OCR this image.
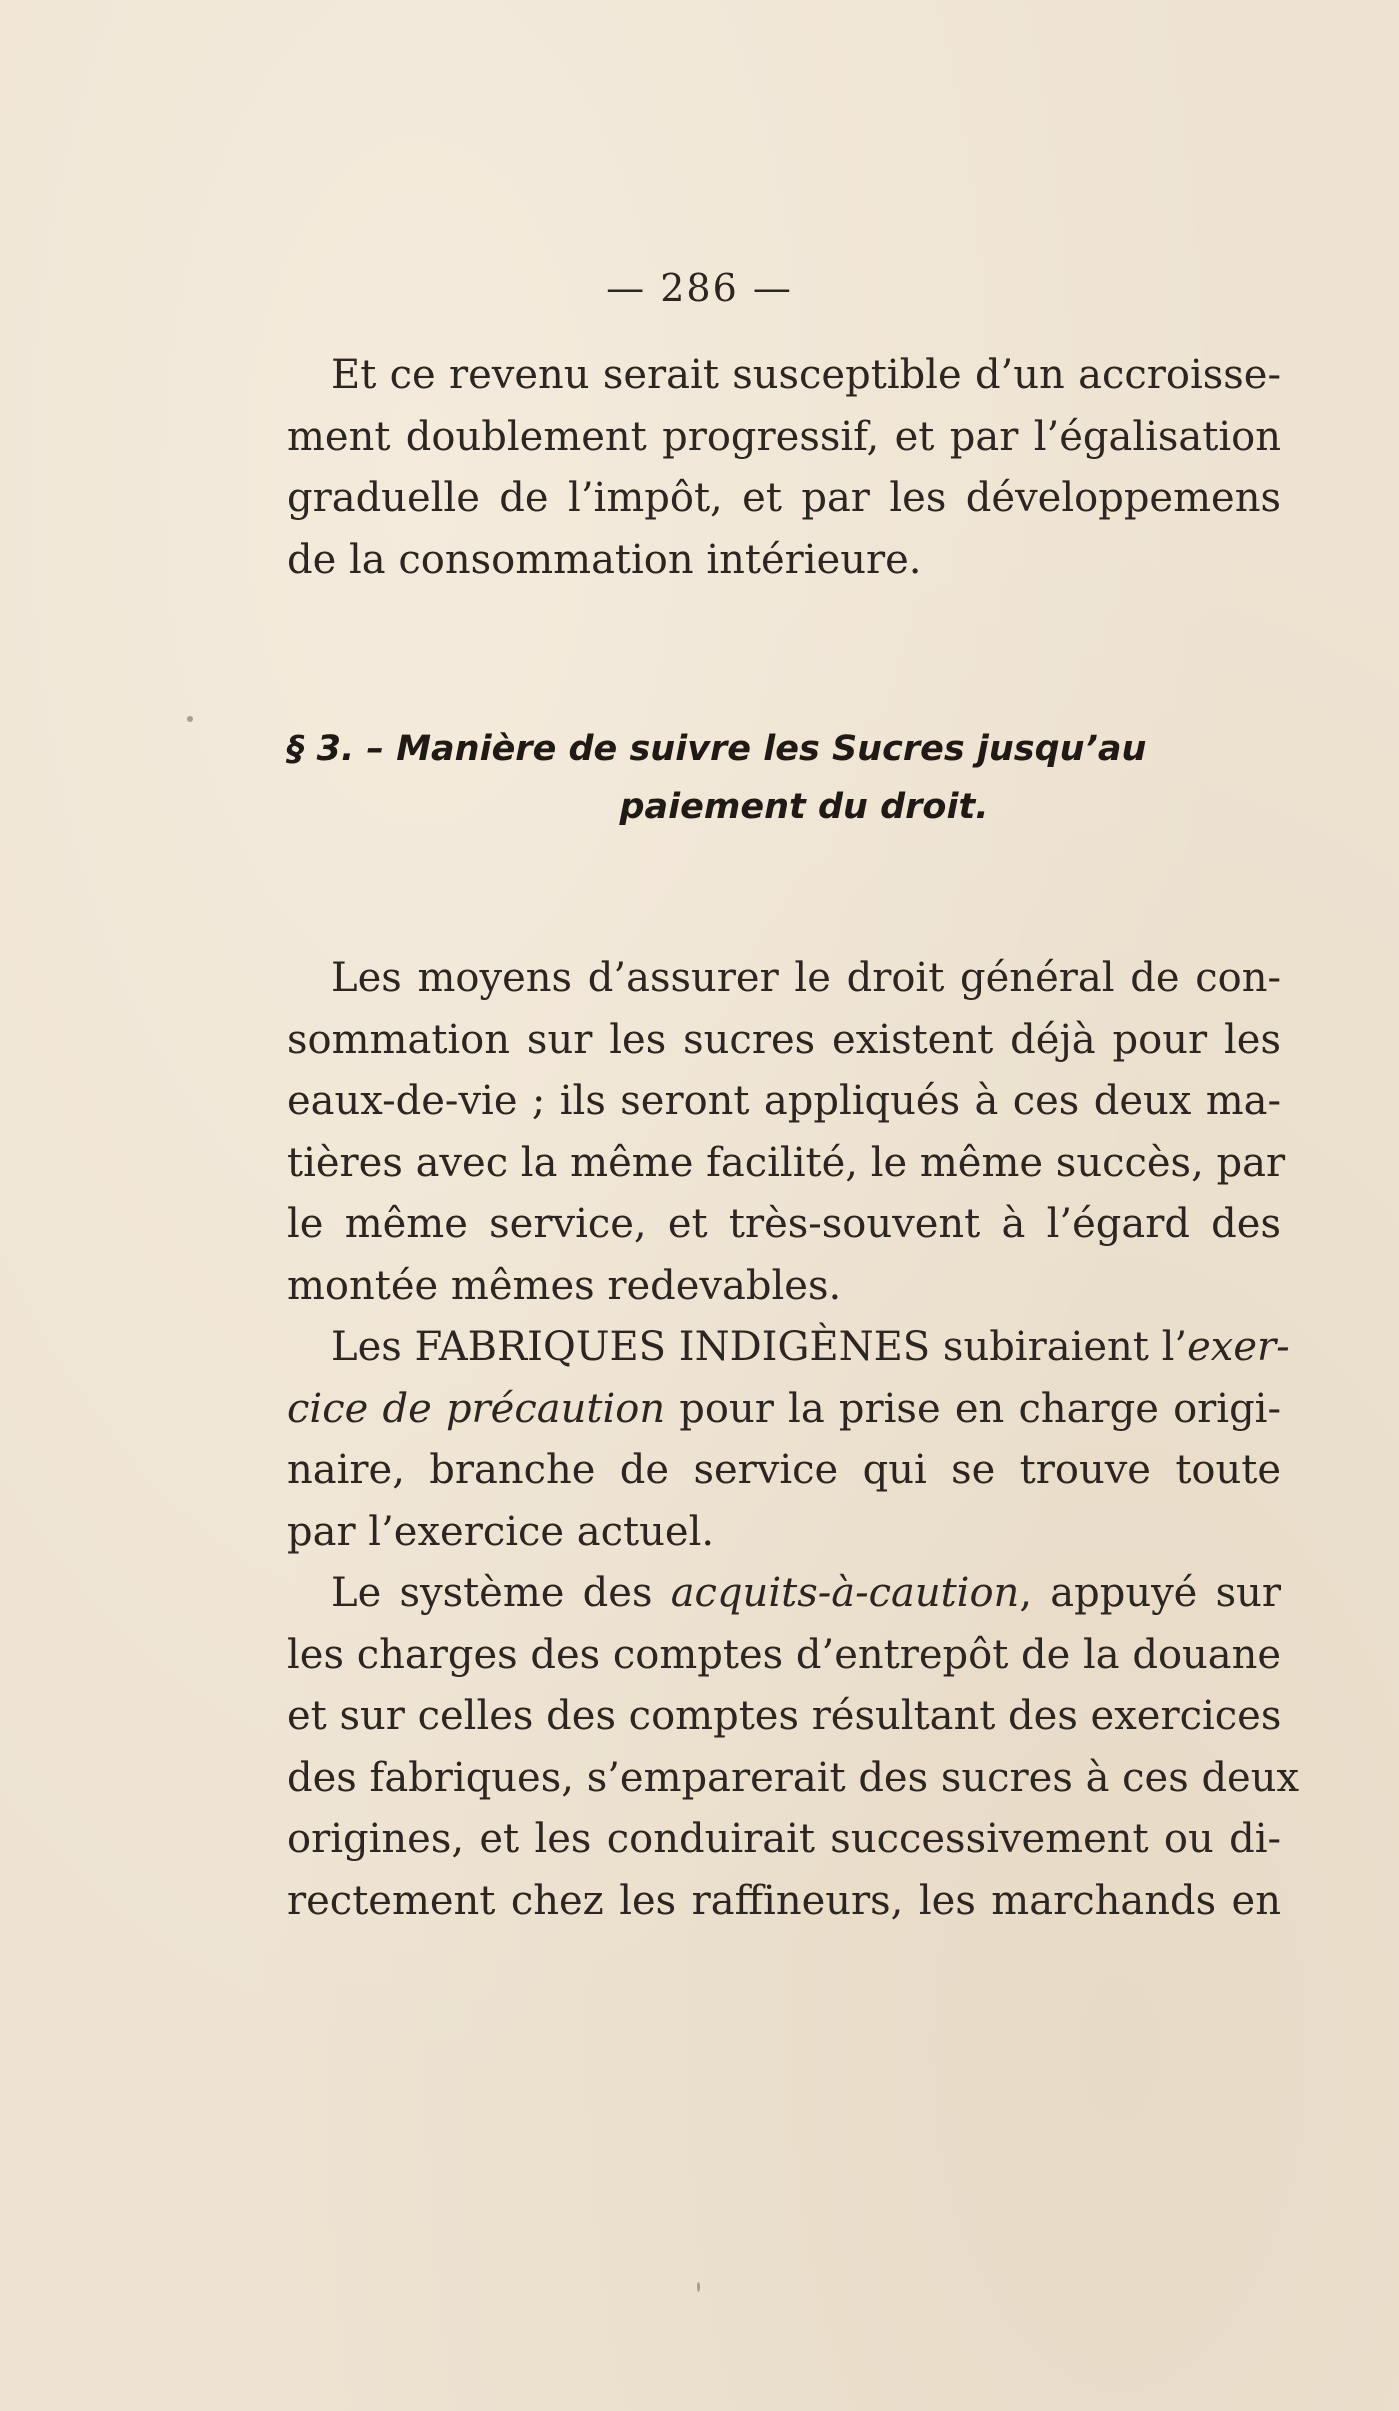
— 286 —
Et ce revenu serait susceptible d’un accroisse-
ment doublement progressif, et par l’égalisation
graduelle de l’impôt, et par les développemens
de la consommation intérieure.
§ 3. – Manière de suivre les Sucres jusqu’au
paiement du droit.
Les moyens d’assurer le droit général de con-
sommation sur les sucres existent déjà pour les
eaux-de-vie ; ils seront appliqués à ces deux ma-
tières avec la même facilité, le même succès, par
le même service, et très-souvent à l’égard des
montée mêmes redevables.
Les FABRIQUES INDIGÈNES subiraient l’exer-
cice de précaution pour la prise en charge origi-
naire, branche de service qui se trouve toute
par l’exercice actuel.
Le système des acquits-à-caution, appuyé sur
les charges des comptes d’entrepôt de la douane
et sur celles des comptes résultant des exercices
des fabriques, s’emparerait des sucres à ces deux
origines, et les conduirait successivement ou di-
rectement chez les raffineurs, les marchands en
